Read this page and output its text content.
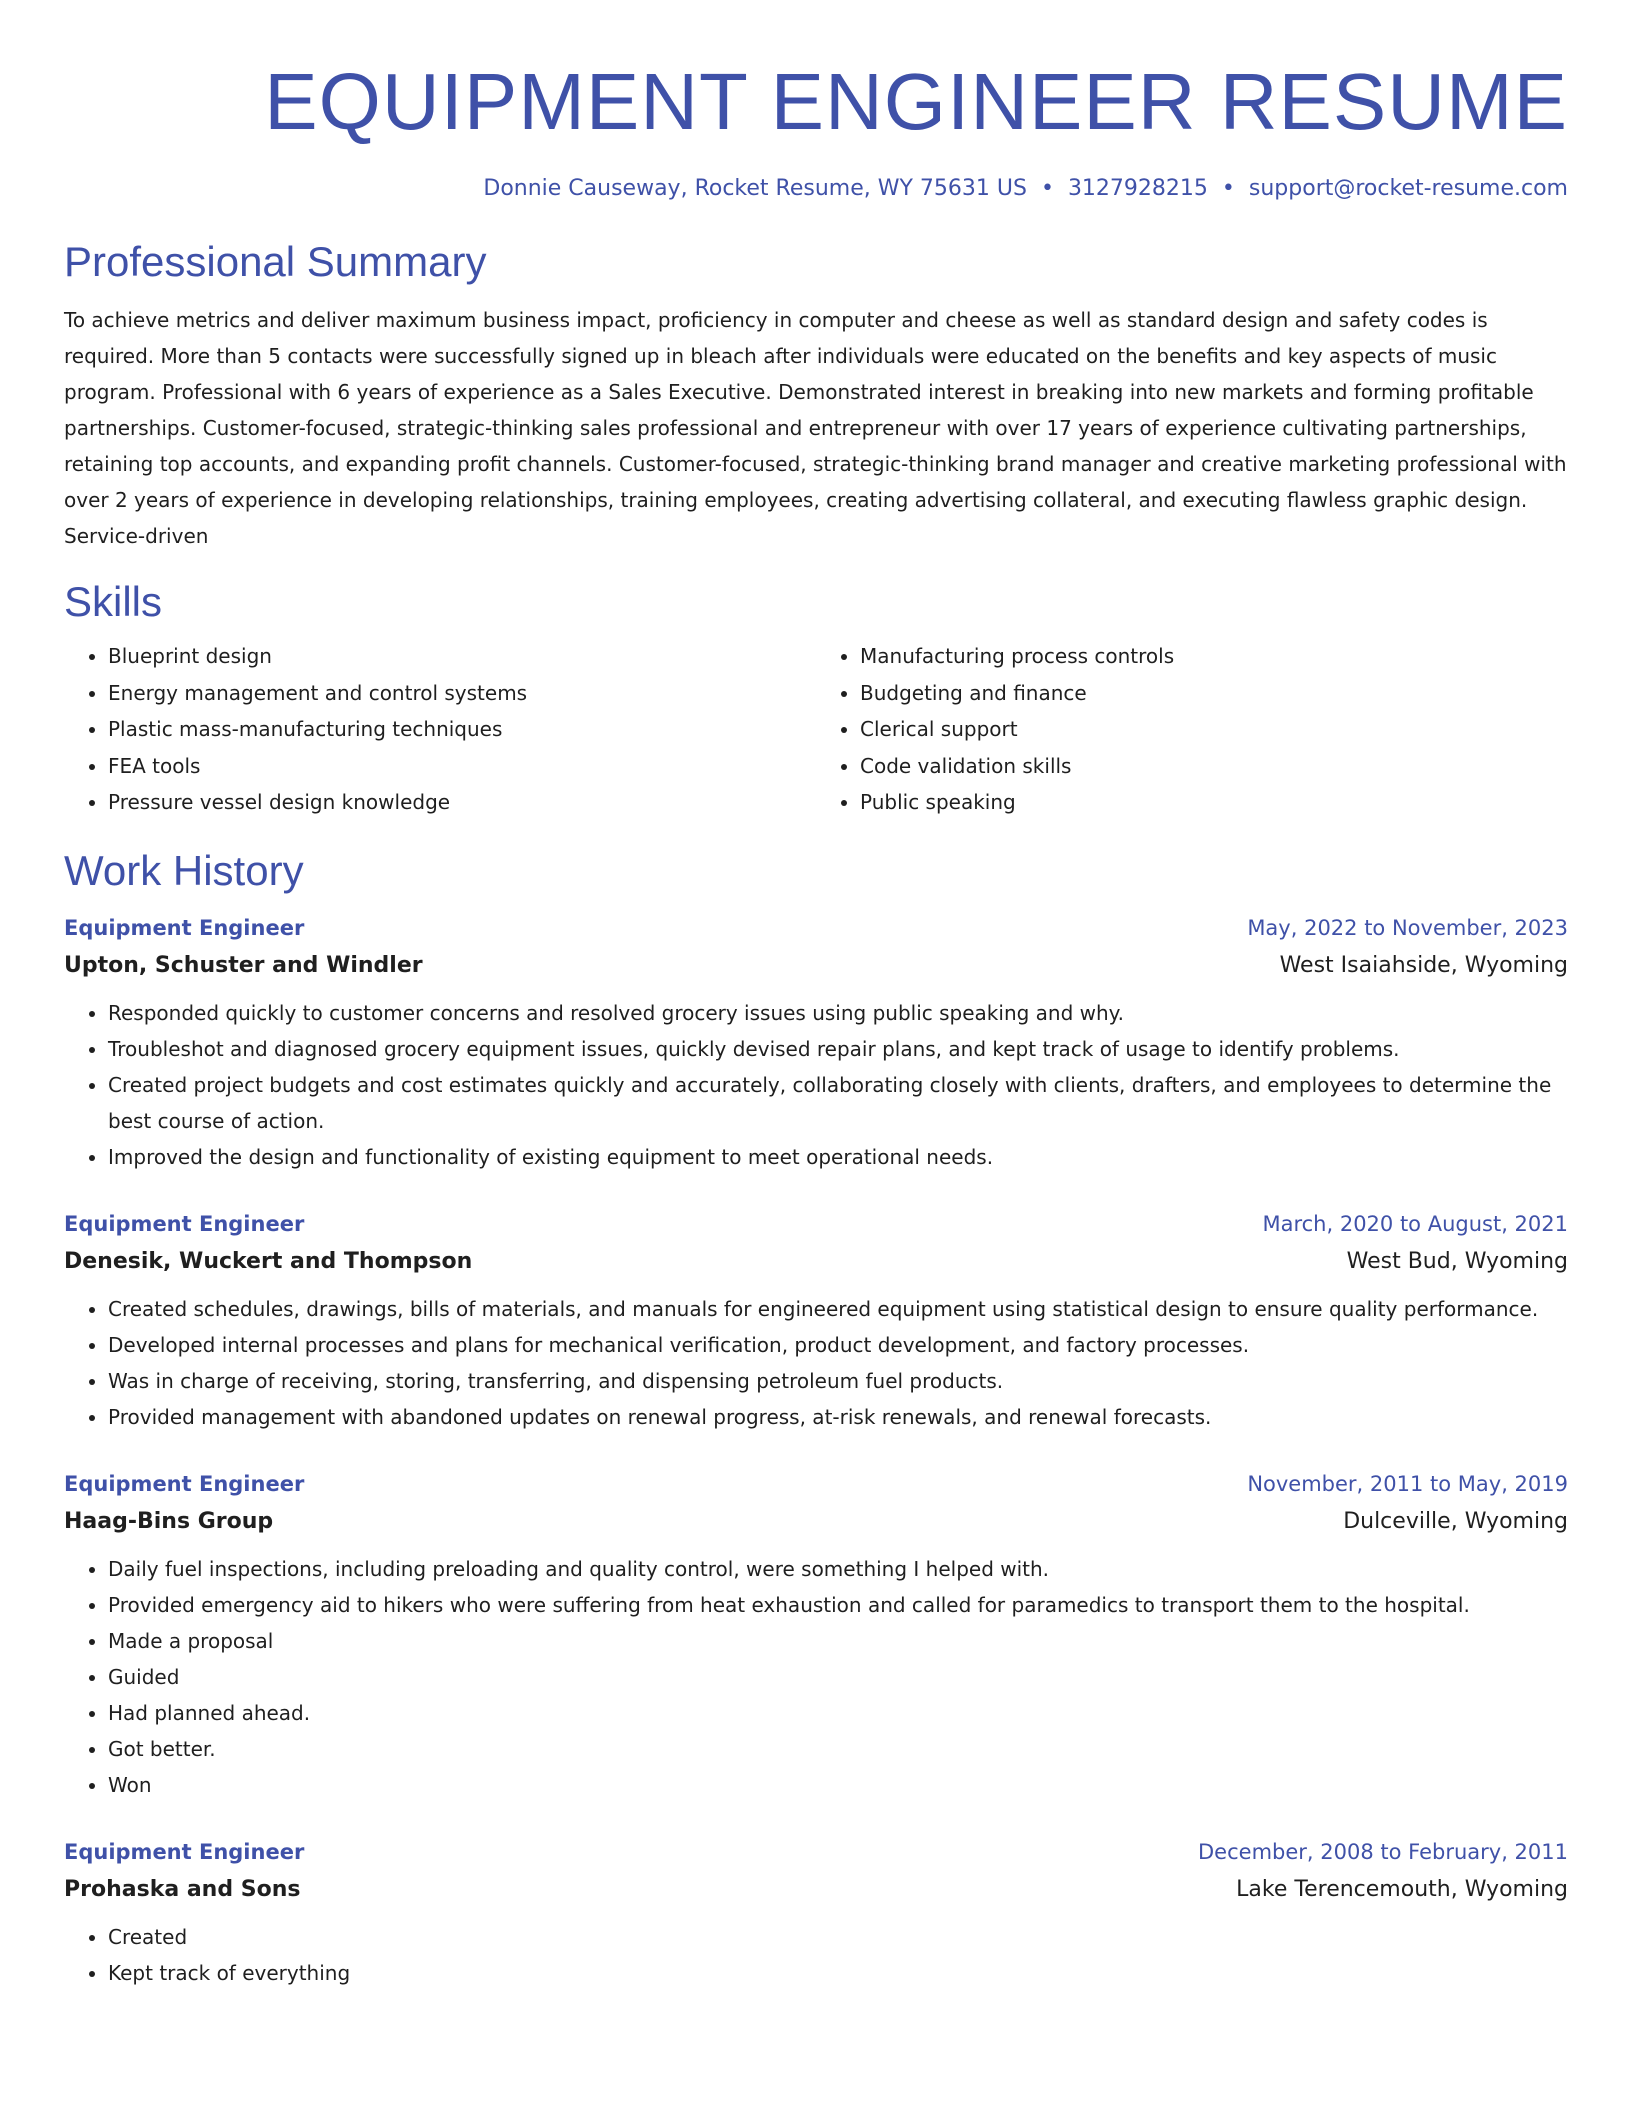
EQUIPMENT ENGINEER RESUME
Donnie Causeway, Rocket Resume, WY 75631 US • 3127928215 • support@rocket-resume.com
Professional Summary
To achieve metrics and deliver maximum business impact, proficiency in computer and cheese as well as standard design and safety codes is required. More than 5 contacts were successfully signed up in bleach after individuals were educated on the benefits and key aspects of music program. Professional with 6 years of experience as a Sales Executive. Demonstrated interest in breaking into new markets and forming profitable partnerships. Customer-focused, strategic-thinking sales professional and entrepreneur with over 17 years of experience cultivating partnerships, retaining top accounts, and expanding profit channels. Customer-focused, strategic-thinking brand manager and creative marketing professional with over 2 years of experience in developing relationships, training employees, creating advertising collateral, and executing flawless graphic design. Service-driven
Skills
• Blueprint design
• Energy management and control systems
• Plastic mass-manufacturing techniques
• FEA tools
• Pressure vessel design knowledge
• Manufacturing process controls
• Budgeting and finance
• Clerical support
• Code validation skills
• Public speaking
Work History
Equipment Engineer	May, 2022 to November, 2023
Upton, Schuster and Windler	West Isaiahside, Wyoming
• Responded quickly to customer concerns and resolved grocery issues using public speaking and why.
• Troubleshot and diagnosed grocery equipment issues, quickly devised repair plans, and kept track of usage to identify problems.
• Created project budgets and cost estimates quickly and accurately, collaborating closely with clients, drafters, and employees to determine the best course of action.
• Improved the design and functionality of existing equipment to meet operational needs.
Equipment Engineer	March, 2020 to August, 2021
Denesik, Wuckert and Thompson	West Bud, Wyoming
• Created schedules, drawings, bills of materials, and manuals for engineered equipment using statistical design to ensure quality performance.
• Developed internal processes and plans for mechanical verification, product development, and factory processes.
• Was in charge of receiving, storing, transferring, and dispensing petroleum fuel products.
• Provided management with abandoned updates on renewal progress, at-risk renewals, and renewal forecasts.
Equipment Engineer	November, 2011 to May, 2019
Haag-Bins Group	Dulceville, Wyoming
• Daily fuel inspections, including preloading and quality control, were something I helped with.
• Provided emergency aid to hikers who were suffering from heat exhaustion and called for paramedics to transport them to the hospital.
• Made a proposal
• Guided
• Had planned ahead.
• Got better.
• Won
Equipment Engineer	December, 2008 to February, 2011
Prohaska and Sons	Lake Terencemouth, Wyoming
• Created
• Kept track of everything
